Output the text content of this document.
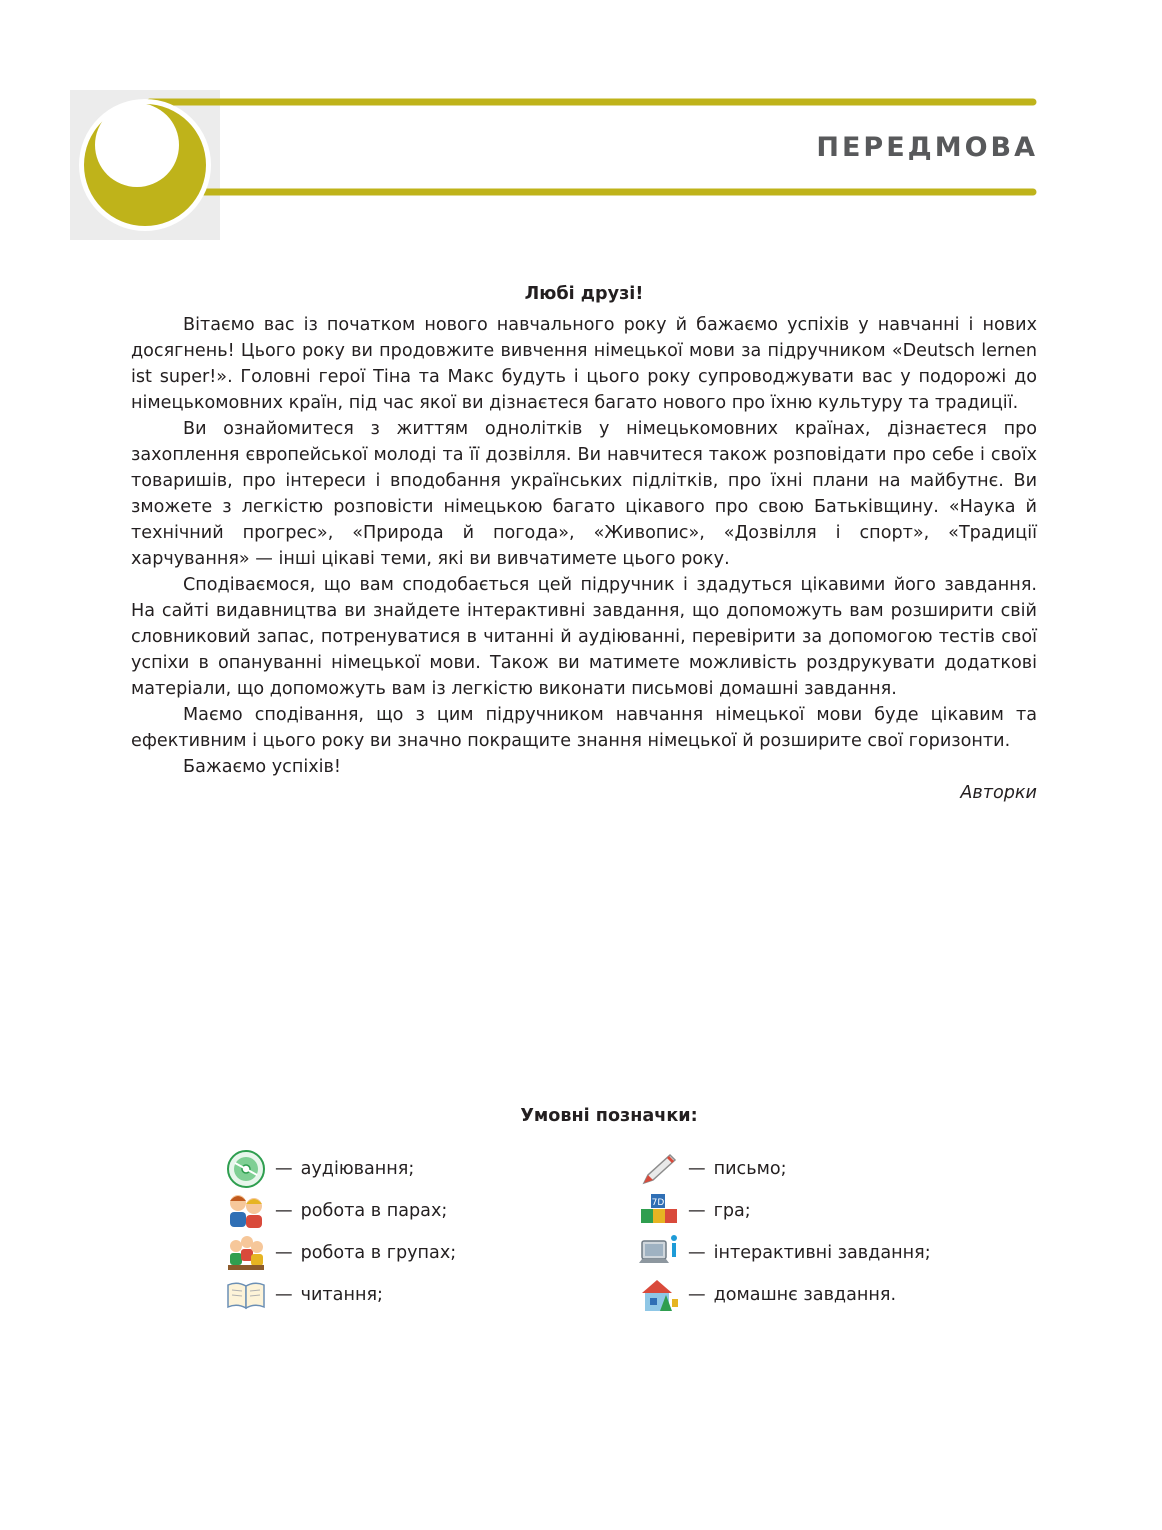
ПЕРЕДМОВА

Любі друзі!

Вітаємо вас із початком нового навчального року й бажаємо успіхів у навчанні і нових досягнень! Цього року ви продовжите вивчення німецької мови за підручником «Deutsch lernen ist super!». Головні герої Тіна та Макс будуть і цього року супроводжувати вас у подорожі до німецькомовних країн, під час якої ви дізнаєтеся багато нового про їхню культуру та традиції.

Ви ознайомитеся з життям однолітків у німецькомовних країнах, дізнаєтеся про захоплення європейської молоді та її дозвілля. Ви навчитеся також розповідати про себе і своїх товаришів, про інтереси і вподобання українських підлітків, про їхні плани на майбутнє. Ви зможете з легкістю розповісти німецькою багато цікавого про свою Батьківщину. «Наука й технічний прогрес», «Природа й погода», «Живопис», «Дозвілля і спорт», «Традиції харчування» — інші цікаві теми, які ви вивчатимете цього року.

Сподіваємося, що вам сподобається цей підручник і здадуться цікавими його завдання. На сайті видавництва ви знайдете інтерактивні завдання, що допоможуть вам розширити свій словниковий запас, потренуватися в читанні й аудіюванні, перевірити за допомогою тестів свої успіхи в опануванні німецької мови. Також ви матимете можливість роздрукувати додаткові матеріали, що допоможуть вам із легкістю виконати письмові домашні завдання.

Маємо сподівання, що з цим підручником навчання німецької мови буде цікавим та ефективним і цього року ви значно покращите знання німецької й розширите свої горизонти.

Бажаємо успіхів!

Авторки

Умовні позначки:
— аудіювання;
— робота в парах;
— робота в групах;
— читання;
— письмо;
7D — гра;
— інтерактивні завдання;
— домашнє завдання.
